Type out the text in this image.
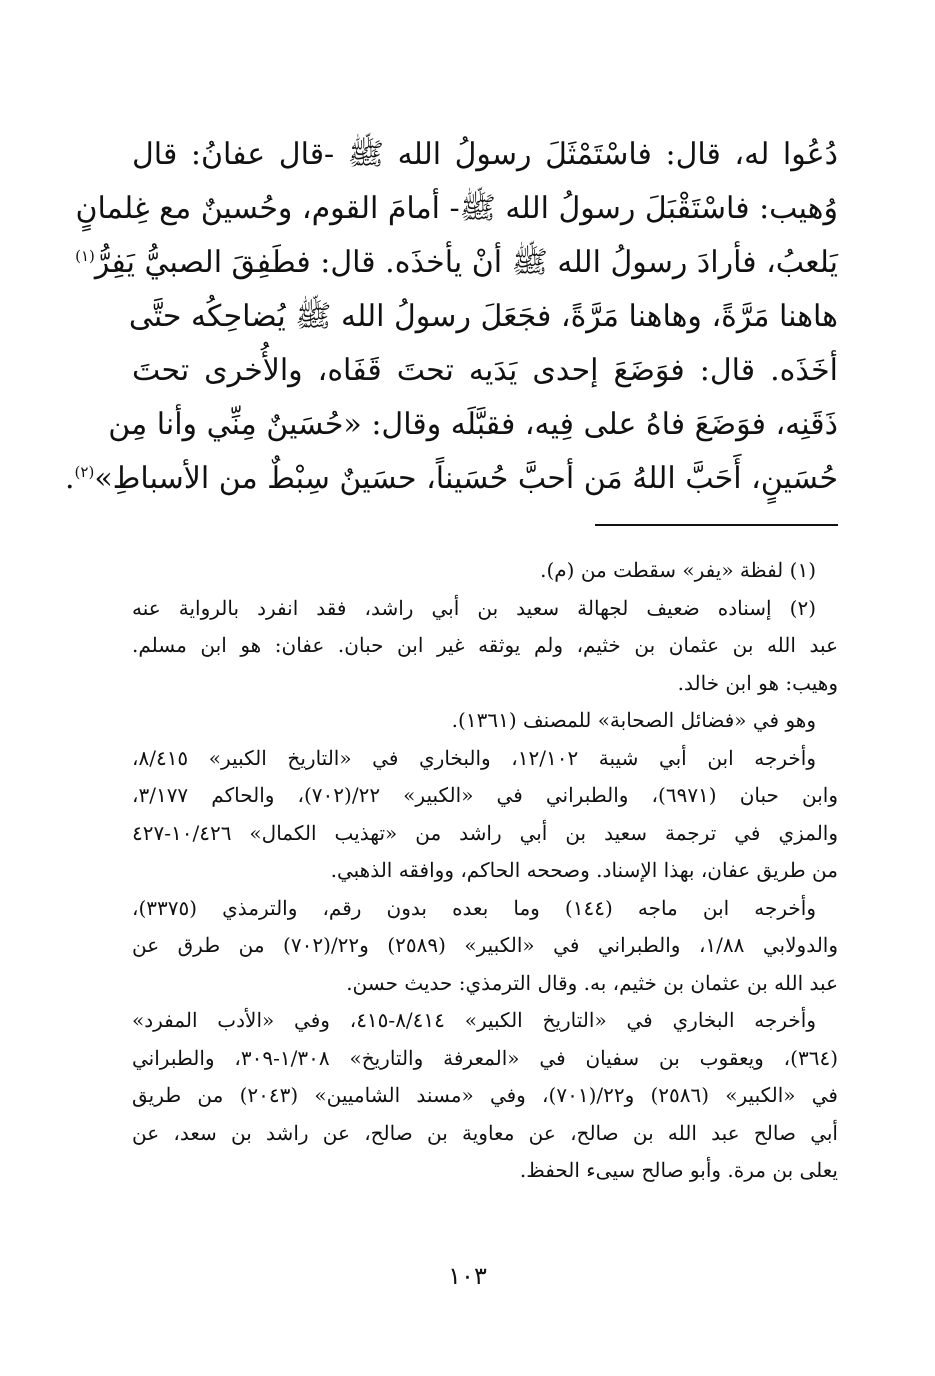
دُعُوا له، قال: فاسْتَمْثَلَ رسولُ الله ﷺ -قال عفانُ: قال
وُهيب: فاسْتَقْبَلَ رسولُ الله ﷺ- أمامَ القوم، وحُسينٌ مع غِلمانٍ
يَلعبُ، فأرادَ رسولُ الله ﷺ أنْ يأخذَه. قال: فطَفِقَ الصبيُّ يَفِرُّ$^{(١)}$
هاهنا مَرَّةً، وهاهنا مَرَّةً، فجَعَلَ رسولُ الله ﷺ يُضاحِكُه حتَّى
أخَذَه. قال: فوَضَعَ إحدى يَدَيه تحتَ قَفَاه، والأُخرى تحتَ
ذَقَنِه، فوَضَعَ فاهُ على فِيه، فقبَّلَه وقال: «حُسَينٌ مِنِّي وأنا مِن
حُسَينٍ، أَحَبَّ اللهُ مَن أحبَّ حُسَيناً، حسَينٌ سِبْطٌ من الأسباطِ»$^{(٢)}$.
(١) لفظة «يفر» سقطت من (م).
(٢) إسناده ضعيف لجهالة سعيد بن أبي راشد، فقد انفرد بالرواية عنه
عبد الله بن عثمان بن خثيم، ولم يوثقه غير ابن حبان. عفان: هو ابن مسلم.
وهيب: هو ابن خالد.
وهو في «فضائل الصحابة» للمصنف (١٣٦١).
وأخرجه ابن أبي شيبة ١٢/١٠٢، والبخاري في «التاريخ الكبير» ٨/٤١٥،
وابن حبان (٦٩٧١)، والطبراني في «الكبير» ٢٢/(٧٠٢)، والحاكم ٣/١٧٧،
والمزي في ترجمة سعيد بن أبي راشد من «تهذيب الكمال» ١٠/٤٢٦-٤٢٧
من طريق عفان، بهذا الإسناد. وصححه الحاكم، ووافقه الذهبي.
وأخرجه ابن ماجه (١٤٤) وما بعده بدون رقم، والترمذي (٣٣٧٥)،
والدولابي ١/٨٨، والطبراني في «الكبير» (٢٥٨٩) و٢٢/(٧٠٢) من طرق عن
عبد الله بن عثمان بن خثيم، به. وقال الترمذي: حديث حسن.
وأخرجه البخاري في «التاريخ الكبير» ٨/٤١٤-٤١٥، وفي «الأدب المفرد»
(٣٦٤)، ويعقوب بن سفيان في «المعرفة والتاريخ» ١/٣٠٨-٣٠٩، والطبراني
في «الكبير» (٢٥٨٦) و٢٢/(٧٠١)، وفي «مسند الشاميين» (٢٠٤٣) من طريق
أبي صالح عبد الله بن صالح، عن معاوية بن صالح، عن راشد بن سعد، عن
يعلى بن مرة. وأبو صالح سيىء الحفظ.
١٠٣
